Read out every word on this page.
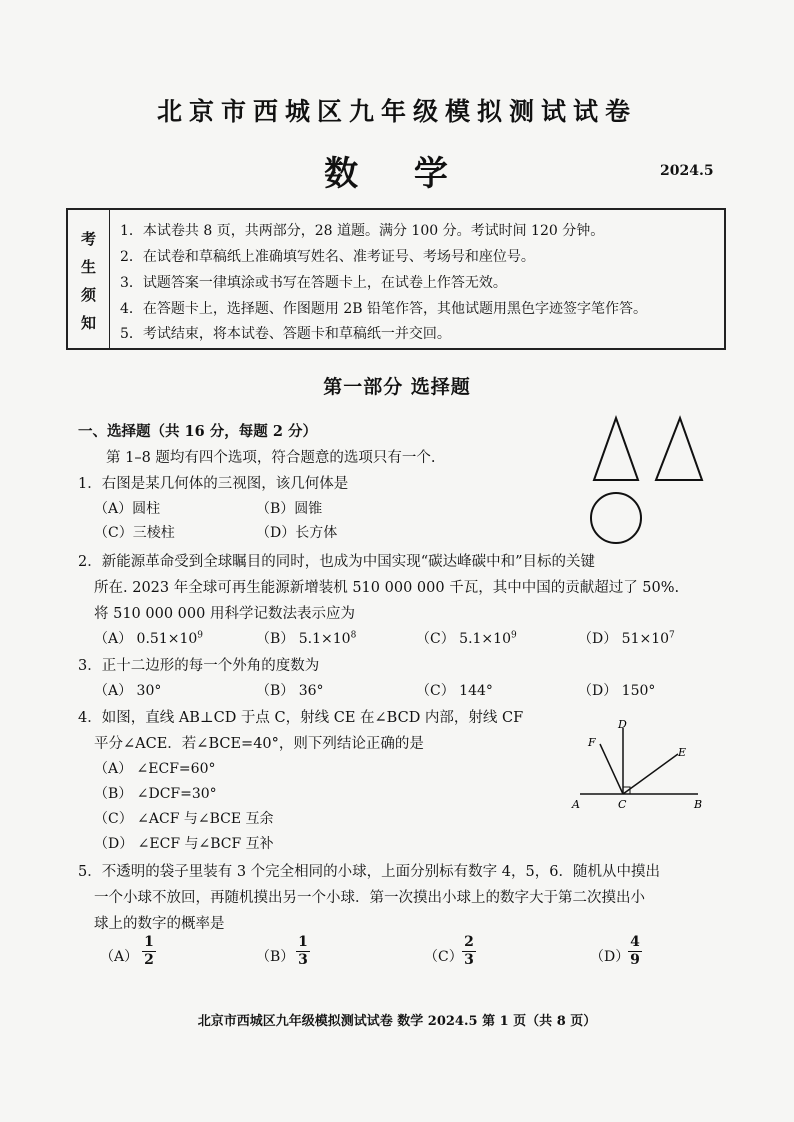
北京市西城区九年级模拟测试试卷
数 学	2024.5
考
生
须
知
1．本试卷共 8 页，共两部分，28 道题。满分 100 分。考试时间 120 分钟。
2．在试卷和草稿纸上准确填写姓名、准考证号、考场号和座位号。
3．试题答案一律填涂或书写在答题卡上，在试卷上作答无效。
4．在答题卡上，选择题、作图题用 2B 铅笔作答，其他试题用黑色字迹签字笔作答。
5．考试结束，将本试卷、答题卡和草稿纸一并交回。
第一部分 选择题
一、选择题（共 16 分，每题 2 分）
第 1–8 题均有四个选项，符合题意的选项只有一个.
1．右图是某几何体的三视图，该几何体是
（A）圆柱	（B）圆锥
（C）三棱柱	（D）长方体
2．新能源革命受到全球瞩目的同时，也成为中国实现“碳达峰碳中和”目标的关键
所在. 2023 年全球可再生能源新增装机 510 000 000 千瓦，其中中国的贡献超过了 50%.
将 510 000 000 用科学记数法表示应为
（A） $0.51\times 10^9$	（B） $5.1\times 10^8$	（C） $5.1\times 10^9$	（D） $51\times 10^7$
3．正十二边形的每一个外角的度数为
（A） 30°	（B） 36°	（C） 144°	（D） 150°
4．如图，直线 AB⊥CD 于点 C，射线 CE 在∠BCD 内部，射线 CF
平分∠ACE．若∠BCE=40°，则下列结论正确的是
（A） ∠ECF=60°
（B） ∠DCF=30°
（C） ∠ACF 与∠BCE 互余
（D） ∠ECF 与∠BCF 互补
A	C	B
D
E
F
5．不透明的袋子里装有 3 个完全相同的小球，上面分别标有数字 4，5，6．随机从中摸出
一个小球不放回，再随机摸出另一个小球．第一次摸出小球上的数字大于第二次摸出小
球上的数字的概率是
$(A) \frac{1}{2}$	$(B) \frac{1}{3}$	$(C) \frac{2}{3}$	（D）
$\frac{4}{9}$
北京市西城区九年级模拟测试试卷 数学 2024.5 第 1 页（共 8 页）
